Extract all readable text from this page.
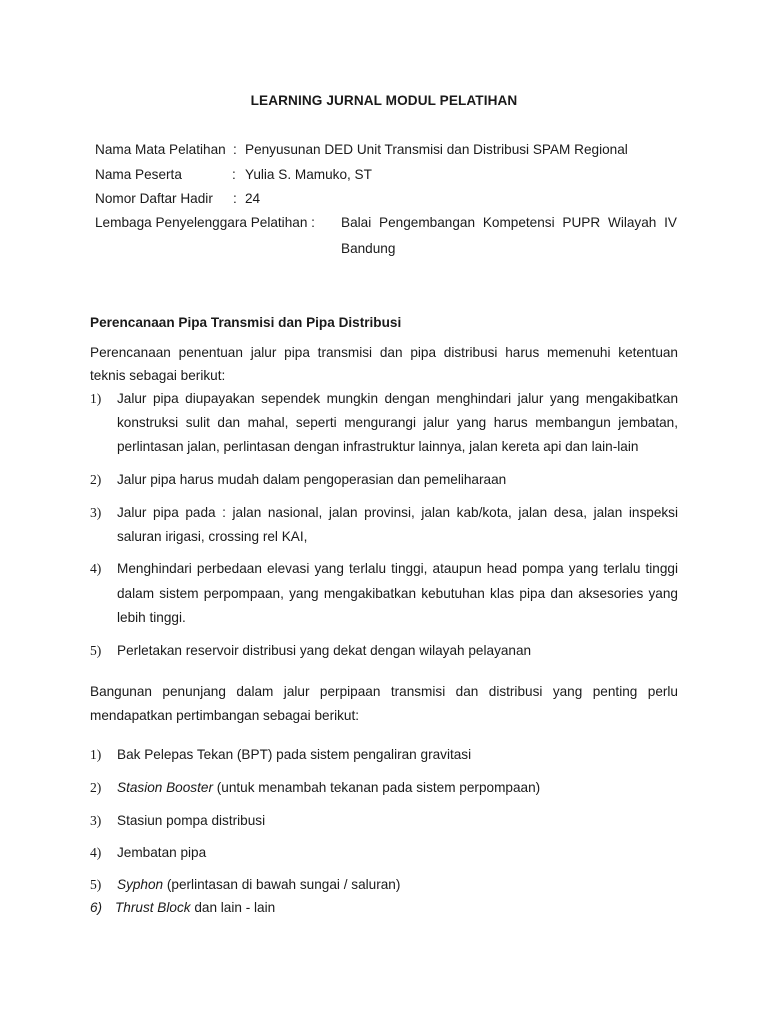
LEARNING JURNAL MODUL PELATIHAN
Nama Mata Pelatihan : Penyusunan DED Unit Transmisi dan Distribusi SPAM Regional
Nama Peserta	: Yulia S. Mamuko, ST
Nomor Daftar Hadir : 24
Lembaga Penyelenggara Pelatihan : Balai Pengembangan Kompetensi PUPR Wilayah IV
Bandung
Perencanaan Pipa Transmisi dan Pipa Distribusi
Perencanaan penentuan jalur pipa transmisi dan pipa distribusi harus memenuhi ketentuan
teknis sebagai berikut:
1) Jalur pipa diupayakan sependek mungkin dengan menghindari jalur yang mengakibatkan
konstruksi sulit dan mahal, seperti mengurangi jalur yang harus membangun jembatan,
perlintasan jalan, perlintasan dengan infrastruktur lainnya, jalan kereta api dan lain-lain
2) Jalur pipa harus mudah dalam pengoperasian dan pemeliharaan
3) Jalur pipa pada : jalan nasional, jalan provinsi, jalan kab/kota, jalan desa, jalan inspeksi
saluran irigasi, crossing rel KAI,
4) Menghindari perbedaan elevasi yang terlalu tinggi, ataupun head pompa yang terlalu tinggi
dalam sistem perpompaan, yang mengakibatkan kebutuhan klas pipa dan aksesories yang
lebih tinggi.
5) Perletakan reservoir distribusi yang dekat dengan wilayah pelayanan
Bangunan penunjang dalam jalur perpipaan transmisi dan distribusi yang penting perlu
mendapatkan pertimbangan sebagai berikut:
1) Bak Pelepas Tekan (BPT) pada sistem pengaliran gravitasi
2) Stasion Booster (untuk menambah tekanan pada sistem perpompaan)
3) Stasiun pompa distribusi
4) Jembatan pipa
5) Syphon (perlintasan di bawah sungai / saluran)
6) Thrust Block dan lain - lain
